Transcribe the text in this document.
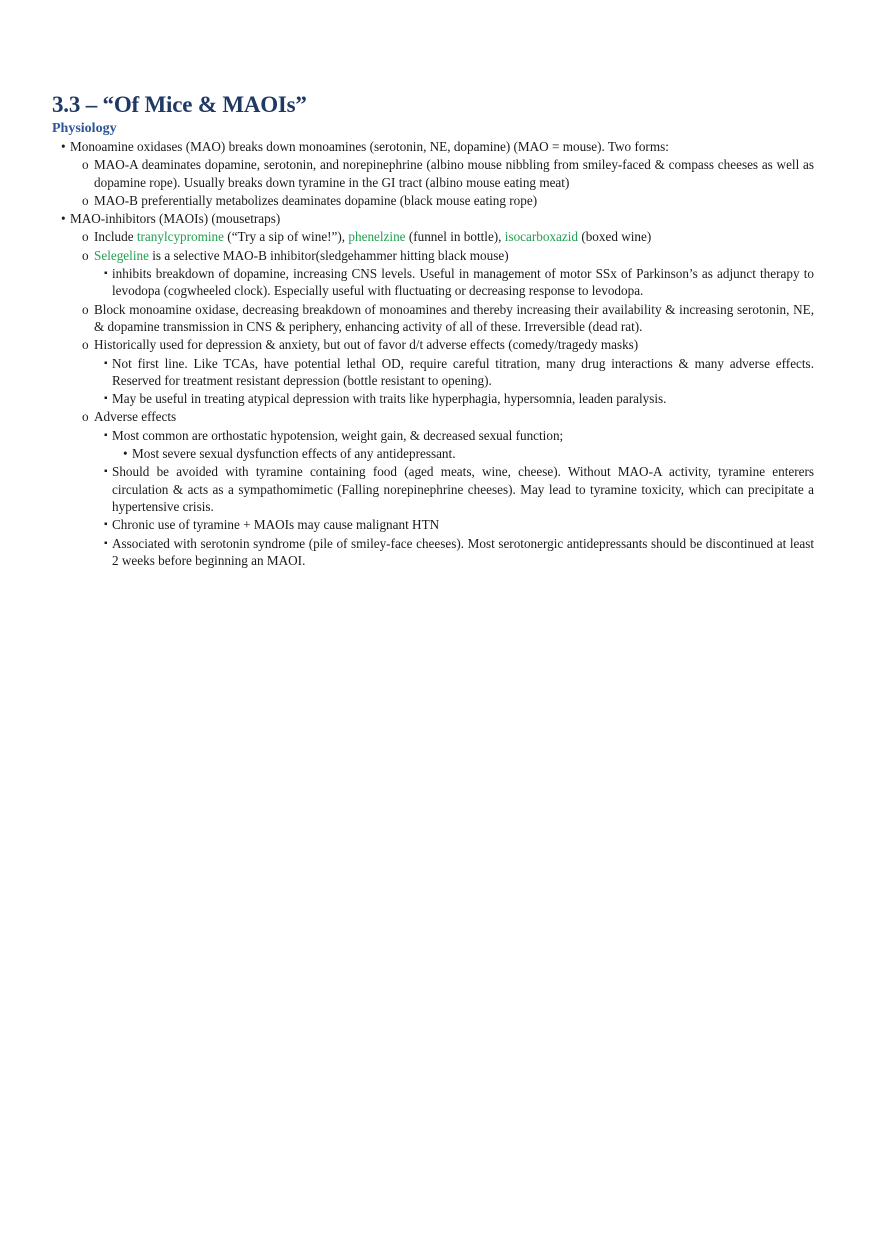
3.3 – “Of Mice & MAOIs”
Physiology

• Monoamine oxidases (MAO) breaks down monoamines (serotonin, NE, dopamine) (MAO = mouse). Two forms:

o MAO-A deaminates dopamine, serotonin, and norepinephrine (albino mouse nibbling from smiley-faced & compass cheeses as well as dopamine rope). Usually breaks down tyramine in the GI tract (albino mouse eating meat)

o MAO-B preferentially metabolizes deaminates dopamine (black mouse eating rope)

• MAO-inhibitors (MAOIs) (mousetraps)

o Include tranylcypromine (“Try a sip of wine!”), phenelzine (funnel in bottle), isocarboxazid (boxed wine)

o Selegeline is a selective MAO-B inhibitor(sledgehammer hitting black mouse)

▪ inhibits breakdown of dopamine, increasing CNS levels. Useful in management of motor SSx of Parkinson’s as adjunct therapy to levodopa (cogwheeled clock). Especially useful with fluctuating or decreasing response to levodopa.

o Block monoamine oxidase, decreasing breakdown of monoamines and thereby increasing their availability & increasing serotonin, NE, & dopamine transmission in CNS & periphery, enhancing activity of all of these. Irreversible (dead rat).

o Historically used for depression & anxiety, but out of favor d/t adverse effects (comedy/tragedy masks)

▪ Not first line. Like TCAs, have potential lethal OD, require careful titration, many drug interactions & many adverse effects. Reserved for treatment resistant depression (bottle resistant to opening).

▪ May be useful in treating atypical depression with traits like hyperphagia, hypersomnia, leaden paralysis.

o Adverse effects

▪ Most common are orthostatic hypotension, weight gain, & decreased sexual function;

• Most severe sexual dysfunction effects of any antidepressant.

▪ Should be avoided with tyramine containing food (aged meats, wine, cheese). Without MAO-A activity, tyramine enterers circulation & acts as a sympathomimetic (Falling norepinephrine cheeses). May lead to tyramine toxicity, which can precipitate a hypertensive crisis.

▪ Chronic use of tyramine + MAOIs may cause malignant HTN

▪ Associated with serotonin syndrome (pile of smiley-face cheeses). Most serotonergic antidepressants should be discontinued at least 2 weeks before beginning an MAOI.
